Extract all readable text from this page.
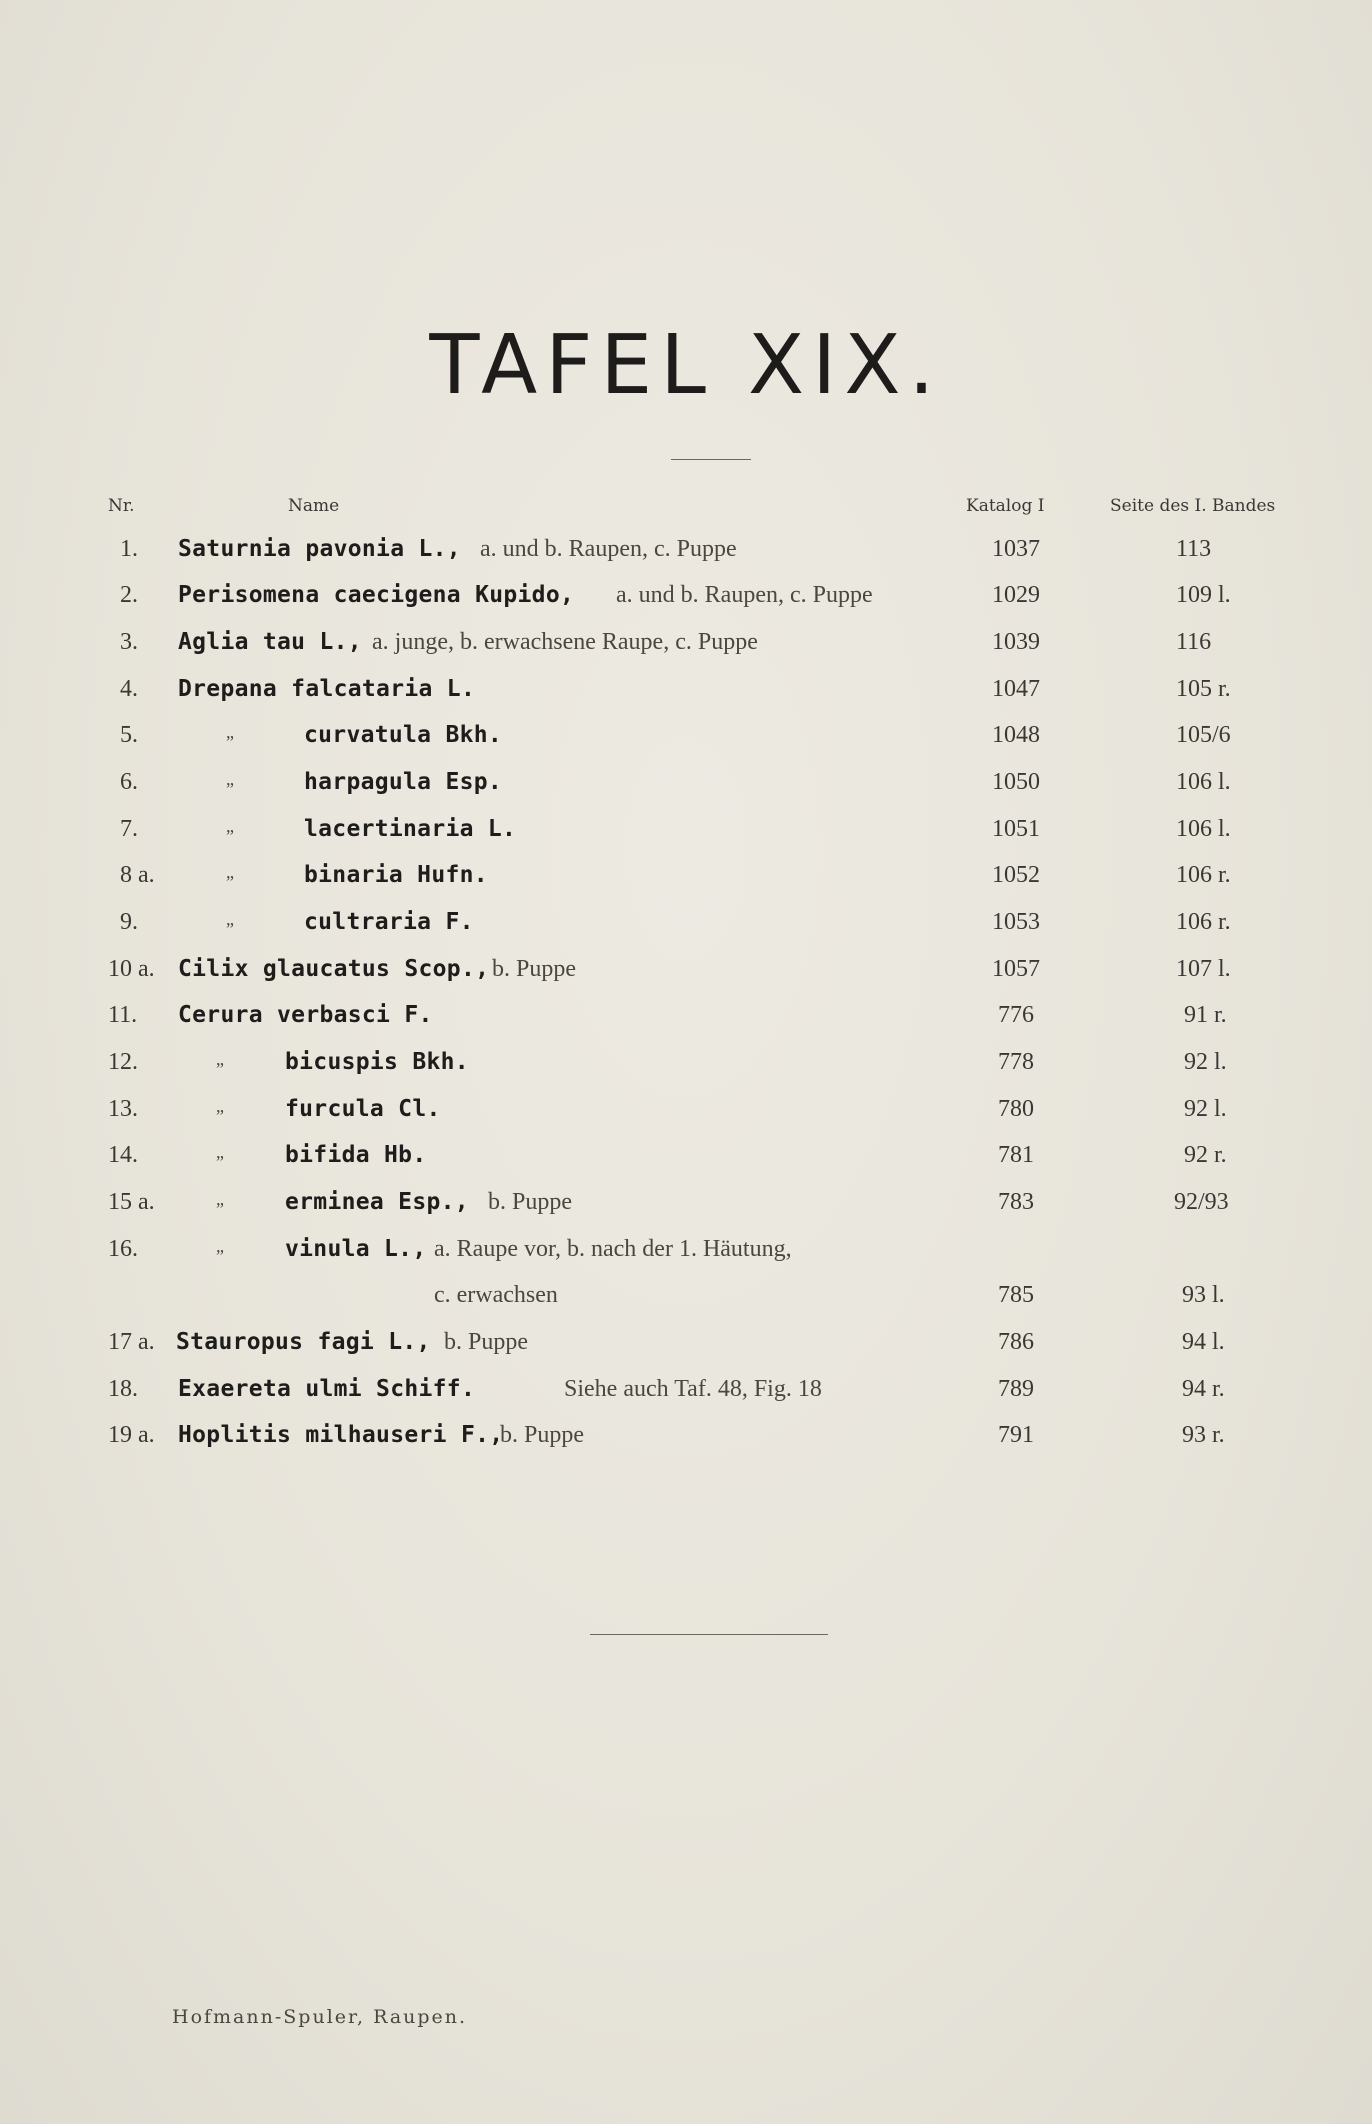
TAFEL XIX.
Nr.	Name	Katalog I	Seite des I. Bandes
1. Saturnia pavonia L., a. und b. Raupen, c. Puppe	1037	113
2. Perisomena caecigena Kupido, a. und b. Raupen, c. Puppe	1029	109 l.
3. Aglia tau L., a. junge, b. erwachsene Raupe, c. Puppe	1039	116
4. Drepana falcataria L.	1047	105 r.
5.	„	curvatula Bkh.	1048	105/6
6.	„	harpagula Esp.	1050	106 l.
7.	„	lacertinaria L.	1051	106 l.
8 a.	„	binaria Hufn.	1052	106 r.
9.	„	cultraria F.	1053	106 r.
10 a. Cilix glaucatus Scop., b. Puppe	1057	107 l.
11. Cerura verbasci F.	776	91 r.
12.	„	bicuspis Bkh.	778	92 l.
13.	„	furcula Cl.	780	92 l.
14.	„	bifida Hb.	781	92 r.
15 a.	„	erminea Esp., b. Puppe	783	92/93
16.	„	vinula L., a. Raupe vor, b. nach der 1. Häutung,
c. erwachsen	785	93 l.
17 a. Stauropus fagi L., b. Puppe	786	94 l.
18. Exaereta ulmi Schiff.	Siehe auch Taf. 48, Fig. 18	789	94 r.
19 a. Hoplitis milhauseri F.,
b. Puppe	791	93 r.
Hofmann-Spuler, Raupen.
